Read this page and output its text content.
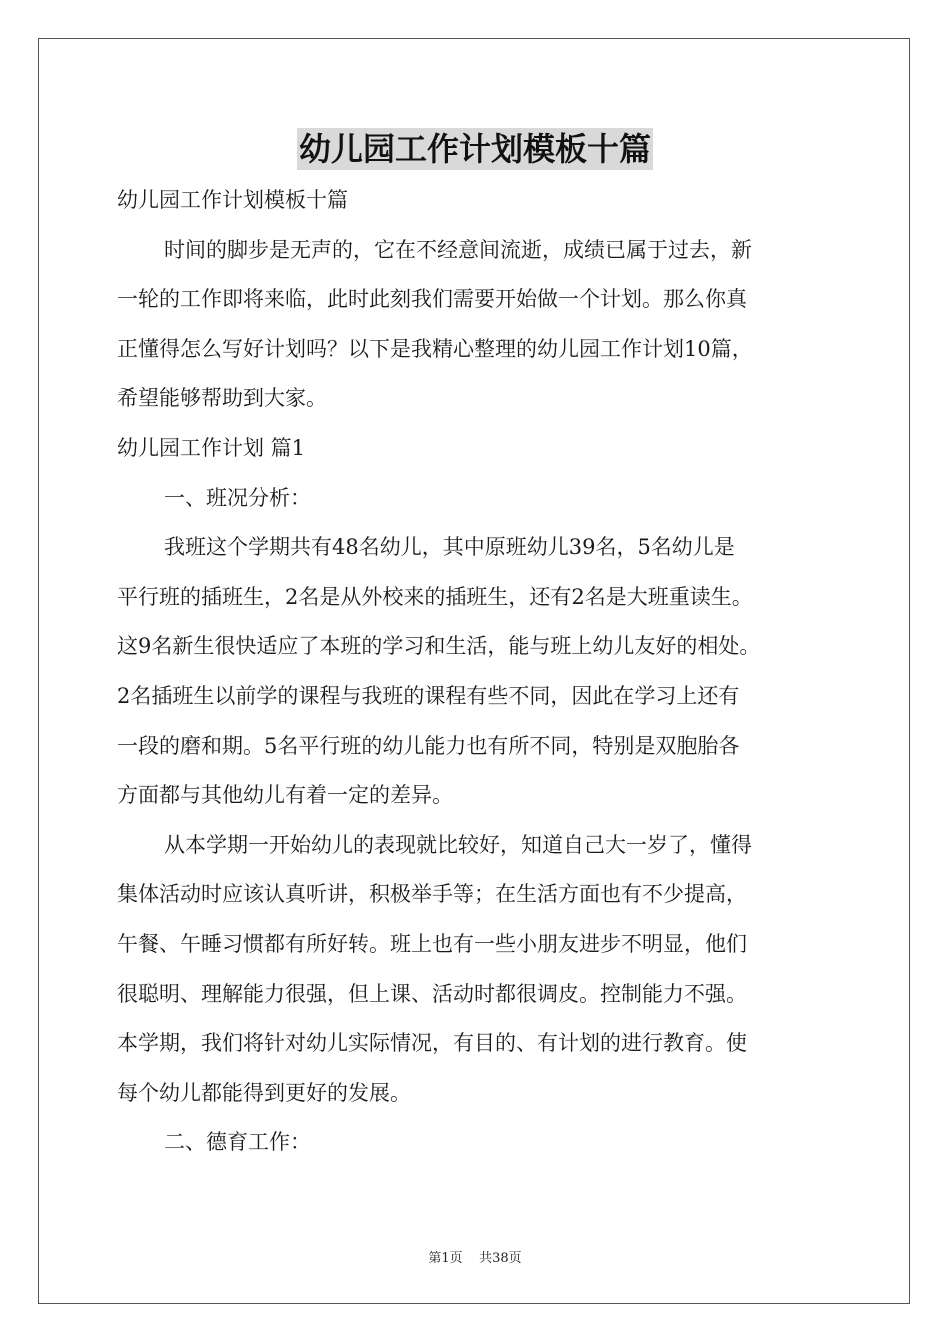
幼儿园工作计划模板十篇

幼儿园工作计划模板十篇

时间的脚步是无声的，它在不经意间流逝，成绩已属于过去，新

一轮的工作即将来临，此时此刻我们需要开始做一个计划。那么你真

正懂得怎么写好计划吗？以下是我精心整理的幼儿园工作计划10篇，

希望能够帮助到大家。

幼儿园工作计划 篇1

一、班况分析：

我班这个学期共有48名幼儿，其中原班幼儿39名，5名幼儿是

平行班的插班生，2名是从外校来的插班生，还有2名是大班重读生。

这9名新生很快适应了本班的学习和生活，能与班上幼儿友好的相处。

2名插班生以前学的课程与我班的课程有些不同，因此在学习上还有

一段的磨和期。5名平行班的幼儿能力也有所不同，特别是双胞胎各

方面都与其他幼儿有着一定的差异。

从本学期一开始幼儿的表现就比较好，知道自己大一岁了，懂得

集体活动时应该认真听讲，积极举手等；在生活方面也有不少提高，

午餐、午睡习惯都有所好转。班上也有一些小朋友进步不明显，他们

很聪明、理解能力很强，但上课、活动时都很调皮。控制能力不强。

本学期，我们将针对幼儿实际情况，有目的、有计划的进行教育。使

每个幼儿都能得到更好的发展。

二、德育工作：

第1页 共38页
